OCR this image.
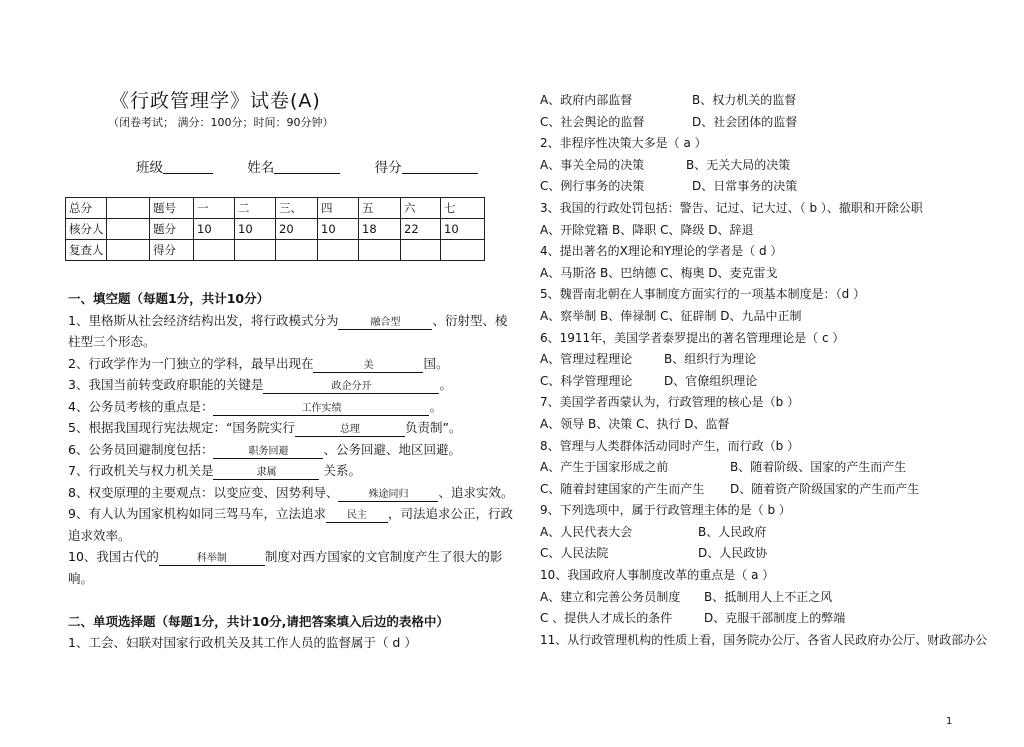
《行政管理学》试卷(A)
（闭卷考试； 满分：100分；时间：90分钟）
班级	姓名	得分
总分		题号	一	二	三、	四	五	六	七
核分人		题分	10	10	20	10	18	22	10
复查人		得分							
一、填空题（每题1分，共计10分）
1、里格斯从社会经济结构出发，将行政模式分为	融合型	、衍射型、棱
柱型三个形态。
2、行政学作为一门独立的学科，最早出现在	美	国。
3、我国当前转变政府职能的关键是	政企分开	。
4、公务员考核的重点是：	工作实绩	。
5、根据我国现行宪法规定：“国务院实行	总理	负责制”。
6、公务员回避制度包括：	职务回避	、公务回避、地区回避。
7、行政机关与权力机关是	隶属	关系。
8、权变原理的主要观点：以变应变、因势利导、	殊途同归 、追求实效。
9、有人认为国家机构如同三驾马车，立法追求 民主 ，司法追求公正，行政
追求效率。
10、我国古代的	科举制	制度对西方国家的文官制度产生了很大的影
响。
二、单项选择题（每题1分，共计10分,请把答案填入后边的表格中）
1、工会、妇联对国家行政机关及其工作人员的监督属于（ d ）
A、政府内部监督	B、权力机关的监督
C、社会舆论的监督	D、社会团体的监督
2、非程序性决策大多是（ a ）
A、事关全局的决策	B、无关大局的决策
C、例行事务的决策	D、日常事务的决策
3、我国的行政处罚包括：警告、记过、记大过、（ b ）、撤职和开除公职
A、开除党籍 B、降职 C、降级 D、辞退
4、提出著名的X理论和Y理论的学者是（ d ）
A、马斯洛 B、巴纳德 C、梅奥 D、麦克雷戈
5、魏晋南北朝在人事制度方面实行的一项基本制度是：（d ）
A、察举制 B、俸禄制 C、征辟制 D、九品中正制
6、1911年，美国学者泰罗提出的著名管理理论是（ c ）
A、管理过程理论	B、组织行为理论
C、科学管理理论	D、官僚组织理论
7、美国学者西蒙认为，行政管理的核心是（b ）
A、领导 B、决策 C、执行 D、监督
8、管理与人类群体活动同时产生，而行政（b ）
A、产生于国家形成之前	B、随着阶级、国家的产生而产生
C、随着封建国家的产生而产生 D、随着资产阶级国家的产生而产生
9、下列选项中，属于行政管理主体的是（ b ）
A、人民代表大会	B、人民政府
C、人民法院	D、人民政协
10、我国政府人事制度改革的重点是（ a ）
A、建立和完善公务员制度 B、抵制用人上不正之风
C 、提供人才成长的条件	D、克服干部制度上的弊端
11、从行政管理机构的性质上看，国务院办公厅、各省人民政府办公厅、财政部办公
1
